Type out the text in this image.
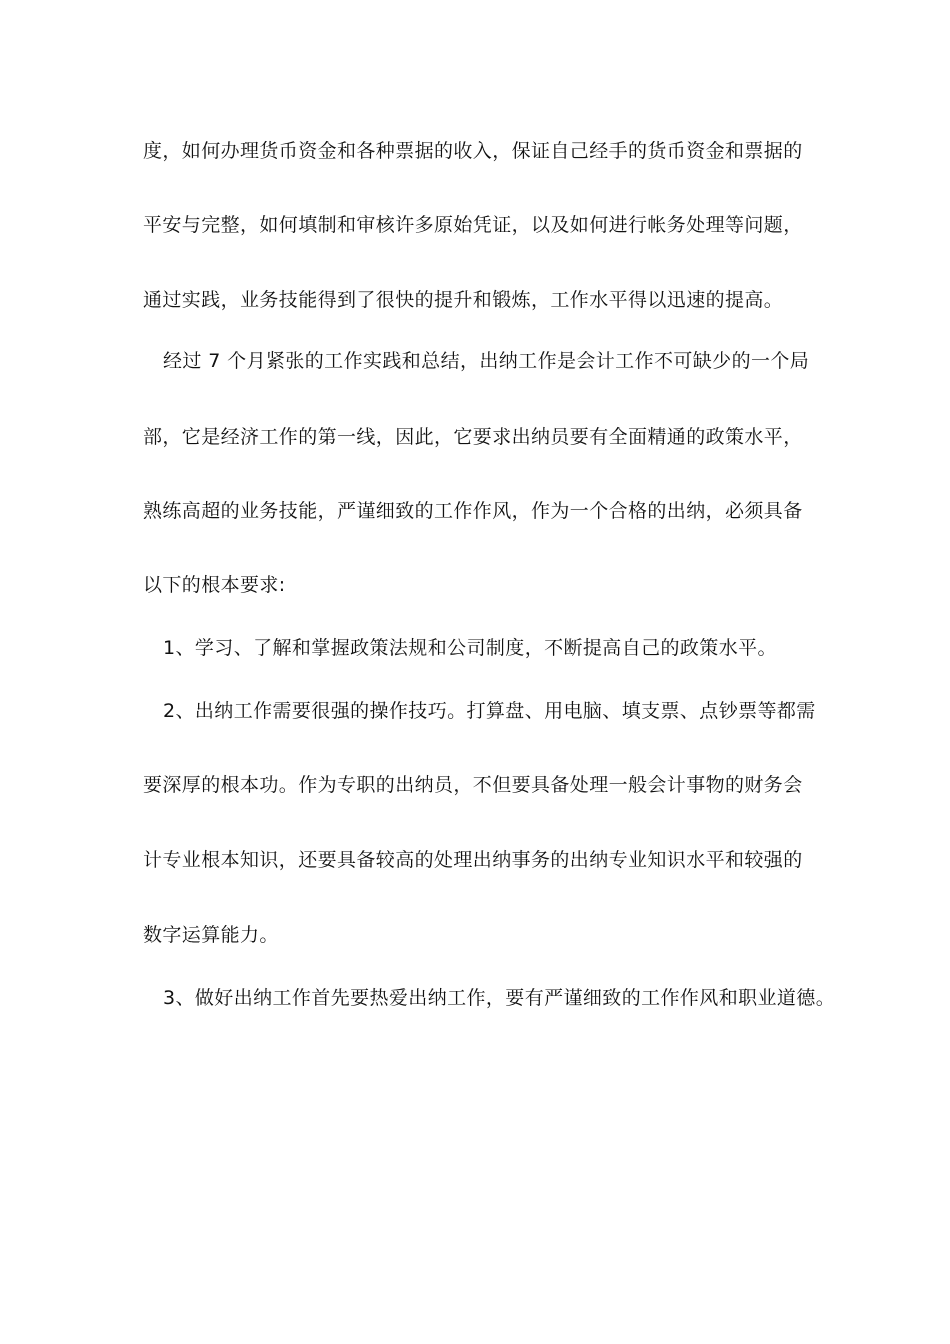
度，如何办理货币资金和各种票据的收入，保证自己经手的货币资金和票据的
平安与完整，如何填制和审核许多原始凭证，以及如何进行帐务处理等问题，
通过实践，业务技能得到了很快的提升和锻炼，工作水平得以迅速的提高。
经过 7 个月紧张的工作实践和总结，出纳工作是会计工作不可缺少的一个局
部，它是经济工作的第一线，因此，它要求出纳员要有全面精通的政策水平，
熟练高超的业务技能，严谨细致的工作作风，作为一个合格的出纳，必须具备
以下的根本要求:
1、学习、了解和掌握政策法规和公司制度，不断提高自己的政策水平。
2、出纳工作需要很强的操作技巧。打算盘、用电脑、填支票、点钞票等都需
要深厚的根本功。作为专职的出纳员，不但要具备处理一般会计事物的财务会
计专业根本知识，还要具备较高的处理出纳事务的出纳专业知识水平和较强的
数字运算能力。
3、做好出纳工作首先要热爱出纳工作，要有严谨细致的工作作风和职业道德。
